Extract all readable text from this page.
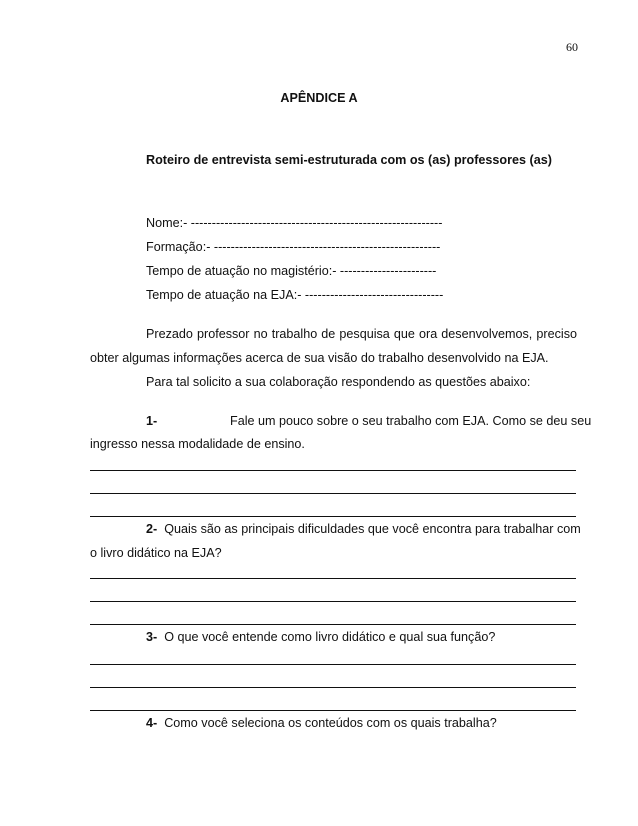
60
APÊNDICE A
Roteiro de entrevista semi-estruturada com os (as) professores (as)
Nome:- ------------------------------------------------------------
Formação:- ------------------------------------------------------
Tempo de atuação no magistério:- -----------------------
Tempo de atuação na EJA:- ---------------------------------
Prezado professor no trabalho de pesquisa que ora desenvolvemos, preciso
obter algumas informações acerca de sua visão do trabalho desenvolvido na EJA.
Para tal solicito a sua colaboração respondendo as questões abaixo:
1-	Fale um pouco sobre o seu trabalho com EJA. Como se deu seu
ingresso nessa modalidade de ensino.
2- Quais são as principais dificuldades que você encontra para trabalhar com
o livro didático na EJA?
3- O que você entende como livro didático e qual sua função?
4- Como você seleciona os conteúdos com os quais trabalha?
